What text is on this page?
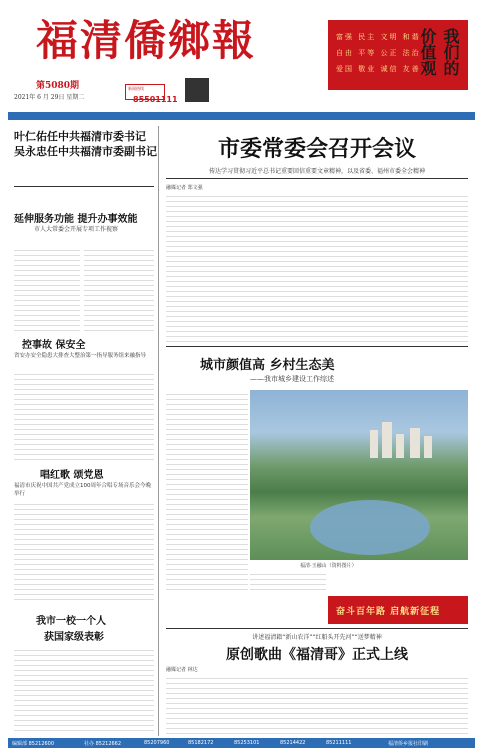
福清僑鄉報
第5080期
2021年 6 月 29日 星期二
新闻热线
85501111
富强 民主 文明 和谐
自由 平等 公正 法治
爱国 敬业 诚信 友善	我们的价值观
叶仁佑任中共福清市委书记
吴永忠任中共福清市委副书记
延伸服务功能 提升办事效能
市人大常委会开展专项工作视察
控事故 保安全
省安办安全隐患大排查大整治第一指导服务组来融指导
唱红歌 颂党恩
福清市庆祝中国共产党成立100周年合唱专场音乐会今晚举行
我市一校一个人
获国家级表彰
市委常委会召开会议
传达学习贯彻习近平总书记重要回信重要文章精神，以及省委、福州市委全会精神
融媒记者 郑文强
城市颜值高 乡村生态美
——我市城乡建设工作综述
福清·玉融山（资料图片）
奋斗百年路 启航新征程
讲述福清籍“新山农洋”“红船头开先河”“送梦精神
原创歌曲《福清哥》正式上线
融媒记者 林达
编辑部 85212600	社办 85212662	85207960	85182172	85253101	85214422	85211111	福清侨乡报社印刷
